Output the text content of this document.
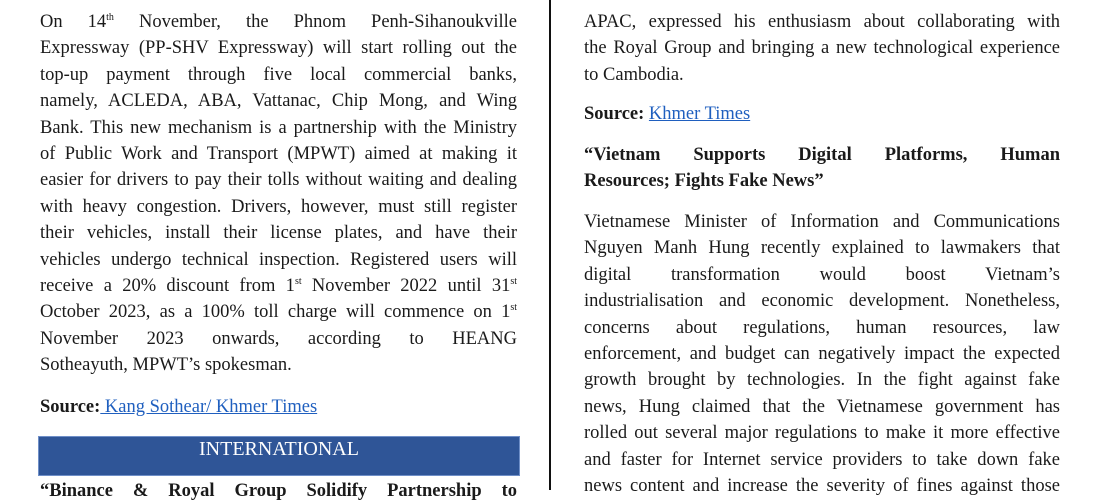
On 14th November, the Phnom Penh-Sihanoukville
Expressway (PP-SHV Expressway) will start rolling out the
top-up payment through five local commercial banks,
namely, ACLEDA, ABA, Vattanac, Chip Mong, and Wing
Bank. This new mechanism is a partnership with the Ministry
of Public Work and Transport (MPWT) aimed at making it
easier for drivers to pay their tolls without waiting and dealing
with heavy congestion. Drivers, however, must still register
their vehicles, install their license plates, and have their
vehicles undergo technical inspection. Registered users will
receive a 20% discount from 1st November 2022 until 31st
October 2023, as a 100% toll charge will commence on 1st
November 2023 onwards, according to HEANG
Sotheayuth, MPWT’s spokesman.
APAC, expressed his enthusiasm about collaborating with
the Royal Group and bringing a new technological experience
to Cambodia.
“Vietnam Supports Digital Platforms, Human
Resources; Fights Fake News”
Vietnamese Minister of Information and Communications
Nguyen Manh Hung recently explained to lawmakers that
digital transformation would boost Vietnam’s
industrialisation and economic development. Nonetheless,
concerns about regulations, human resources, law
enforcement, and budget can negatively impact the expected
growth brought by technologies. In the fight against fake
news, Hung claimed that the Vietnamese government has
rolled out several major regulations to make it more effective
and faster for Internet service providers to take down fake
news content and increase the severity of fines against those
Source: Kang Sothear/ Khmer Times
INTERNATIONAL
“Binance & Royal Group Solidify Partnership to
Source: Khmer Times
